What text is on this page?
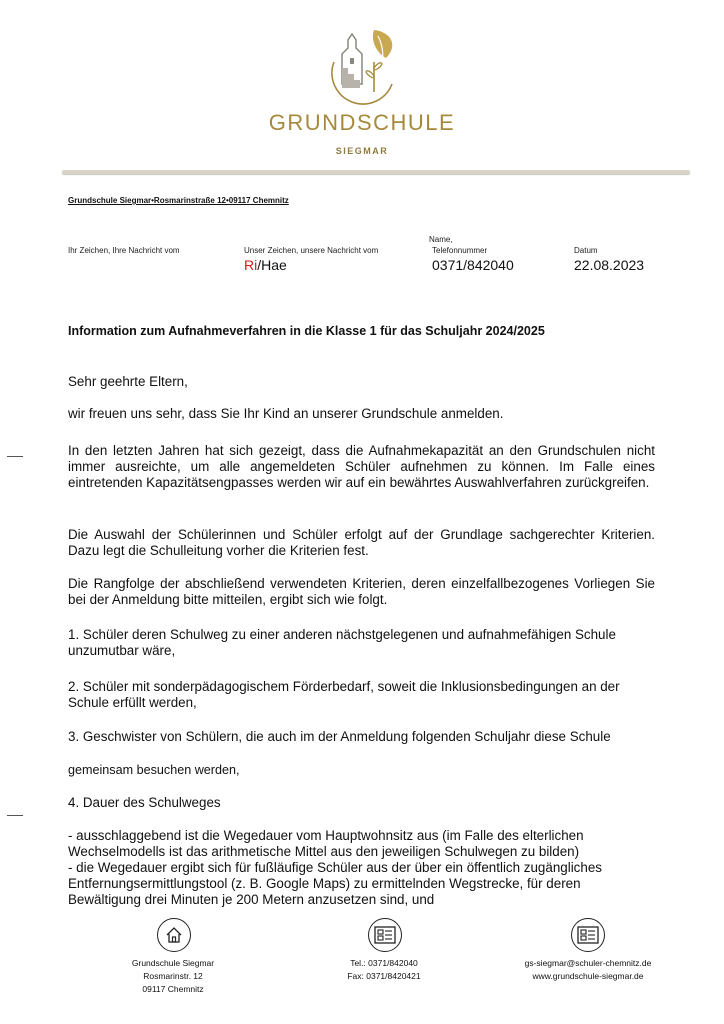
GRUNDSCHULE
SIEGMAR
Grundschule Siegmar•Rosmarinstraße 12•09117 Chemnitz
Ihr Zeichen, Ihre Nachricht vom	Unser Zeichen, unsere Nachricht vom
Ri/Hae
Name,
Telefonnummer
0371/842040
Datum
22.08.2023
Information zum Aufnahmeverfahren in die Klasse 1 für das Schuljahr 2024/2025
Sehr geehrte Eltern,
wir freuen uns sehr, dass Sie Ihr Kind an unserer Grundschule anmelden.
In den letzten Jahren hat sich gezeigt, dass die Aufnahmekapazität an den Grundschulen nicht immer ausreichte, um alle angemeldeten Schüler aufnehmen zu können. Im Falle eines eintretenden Kapazitätsengpasses werden wir auf ein bewährtes Auswahlverfahren zurückgreifen.
Die Auswahl der Schülerinnen und Schüler erfolgt auf der Grundlage sachgerechter Kriterien. Dazu legt die Schulleitung vorher die Kriterien fest.
Die Rangfolge der abschließend verwendeten Kriterien, deren einzelfallbezogenes Vorliegen Sie bei der Anmeldung bitte mitteilen, ergibt sich wie folgt.
1. Schüler deren Schulweg zu einer anderen nächstgelegenen und aufnahmefähigen Schule unzumutbar wäre,
2. Schüler mit sonderpädagogischem Förderbedarf, soweit die Inklusionsbedingungen an der Schule erfüllt werden,
3. Geschwister von Schülern, die auch im der Anmeldung folgenden Schuljahr diese Schule
gemeinsam besuchen werden,
4. Dauer des Schulweges
- ausschlaggebend ist die Wegedauer vom Hauptwohnsitz aus (im Falle des elterlichen Wechselmodells ist das arithmetische Mittel aus den jeweiligen Schulwegen zu bilden)
- die Wegedauer ergibt sich für fußläufige Schüler aus der über ein öffentlich zugängliches Entfernungsermittlungstool (z. B. Google Maps) zu ermittelnden Wegstrecke, für deren Bewältigung drei Minuten je 200 Metern anzusetzen sind, und
Grundschule Siegmar
Rosmarinstr. 12
09117 Chemnitz
Tel.: 0371/842040
Fax: 0371/8420421
gs-siegmar@schuler-chemnitz.de
www.grundschule-siegmar.de
